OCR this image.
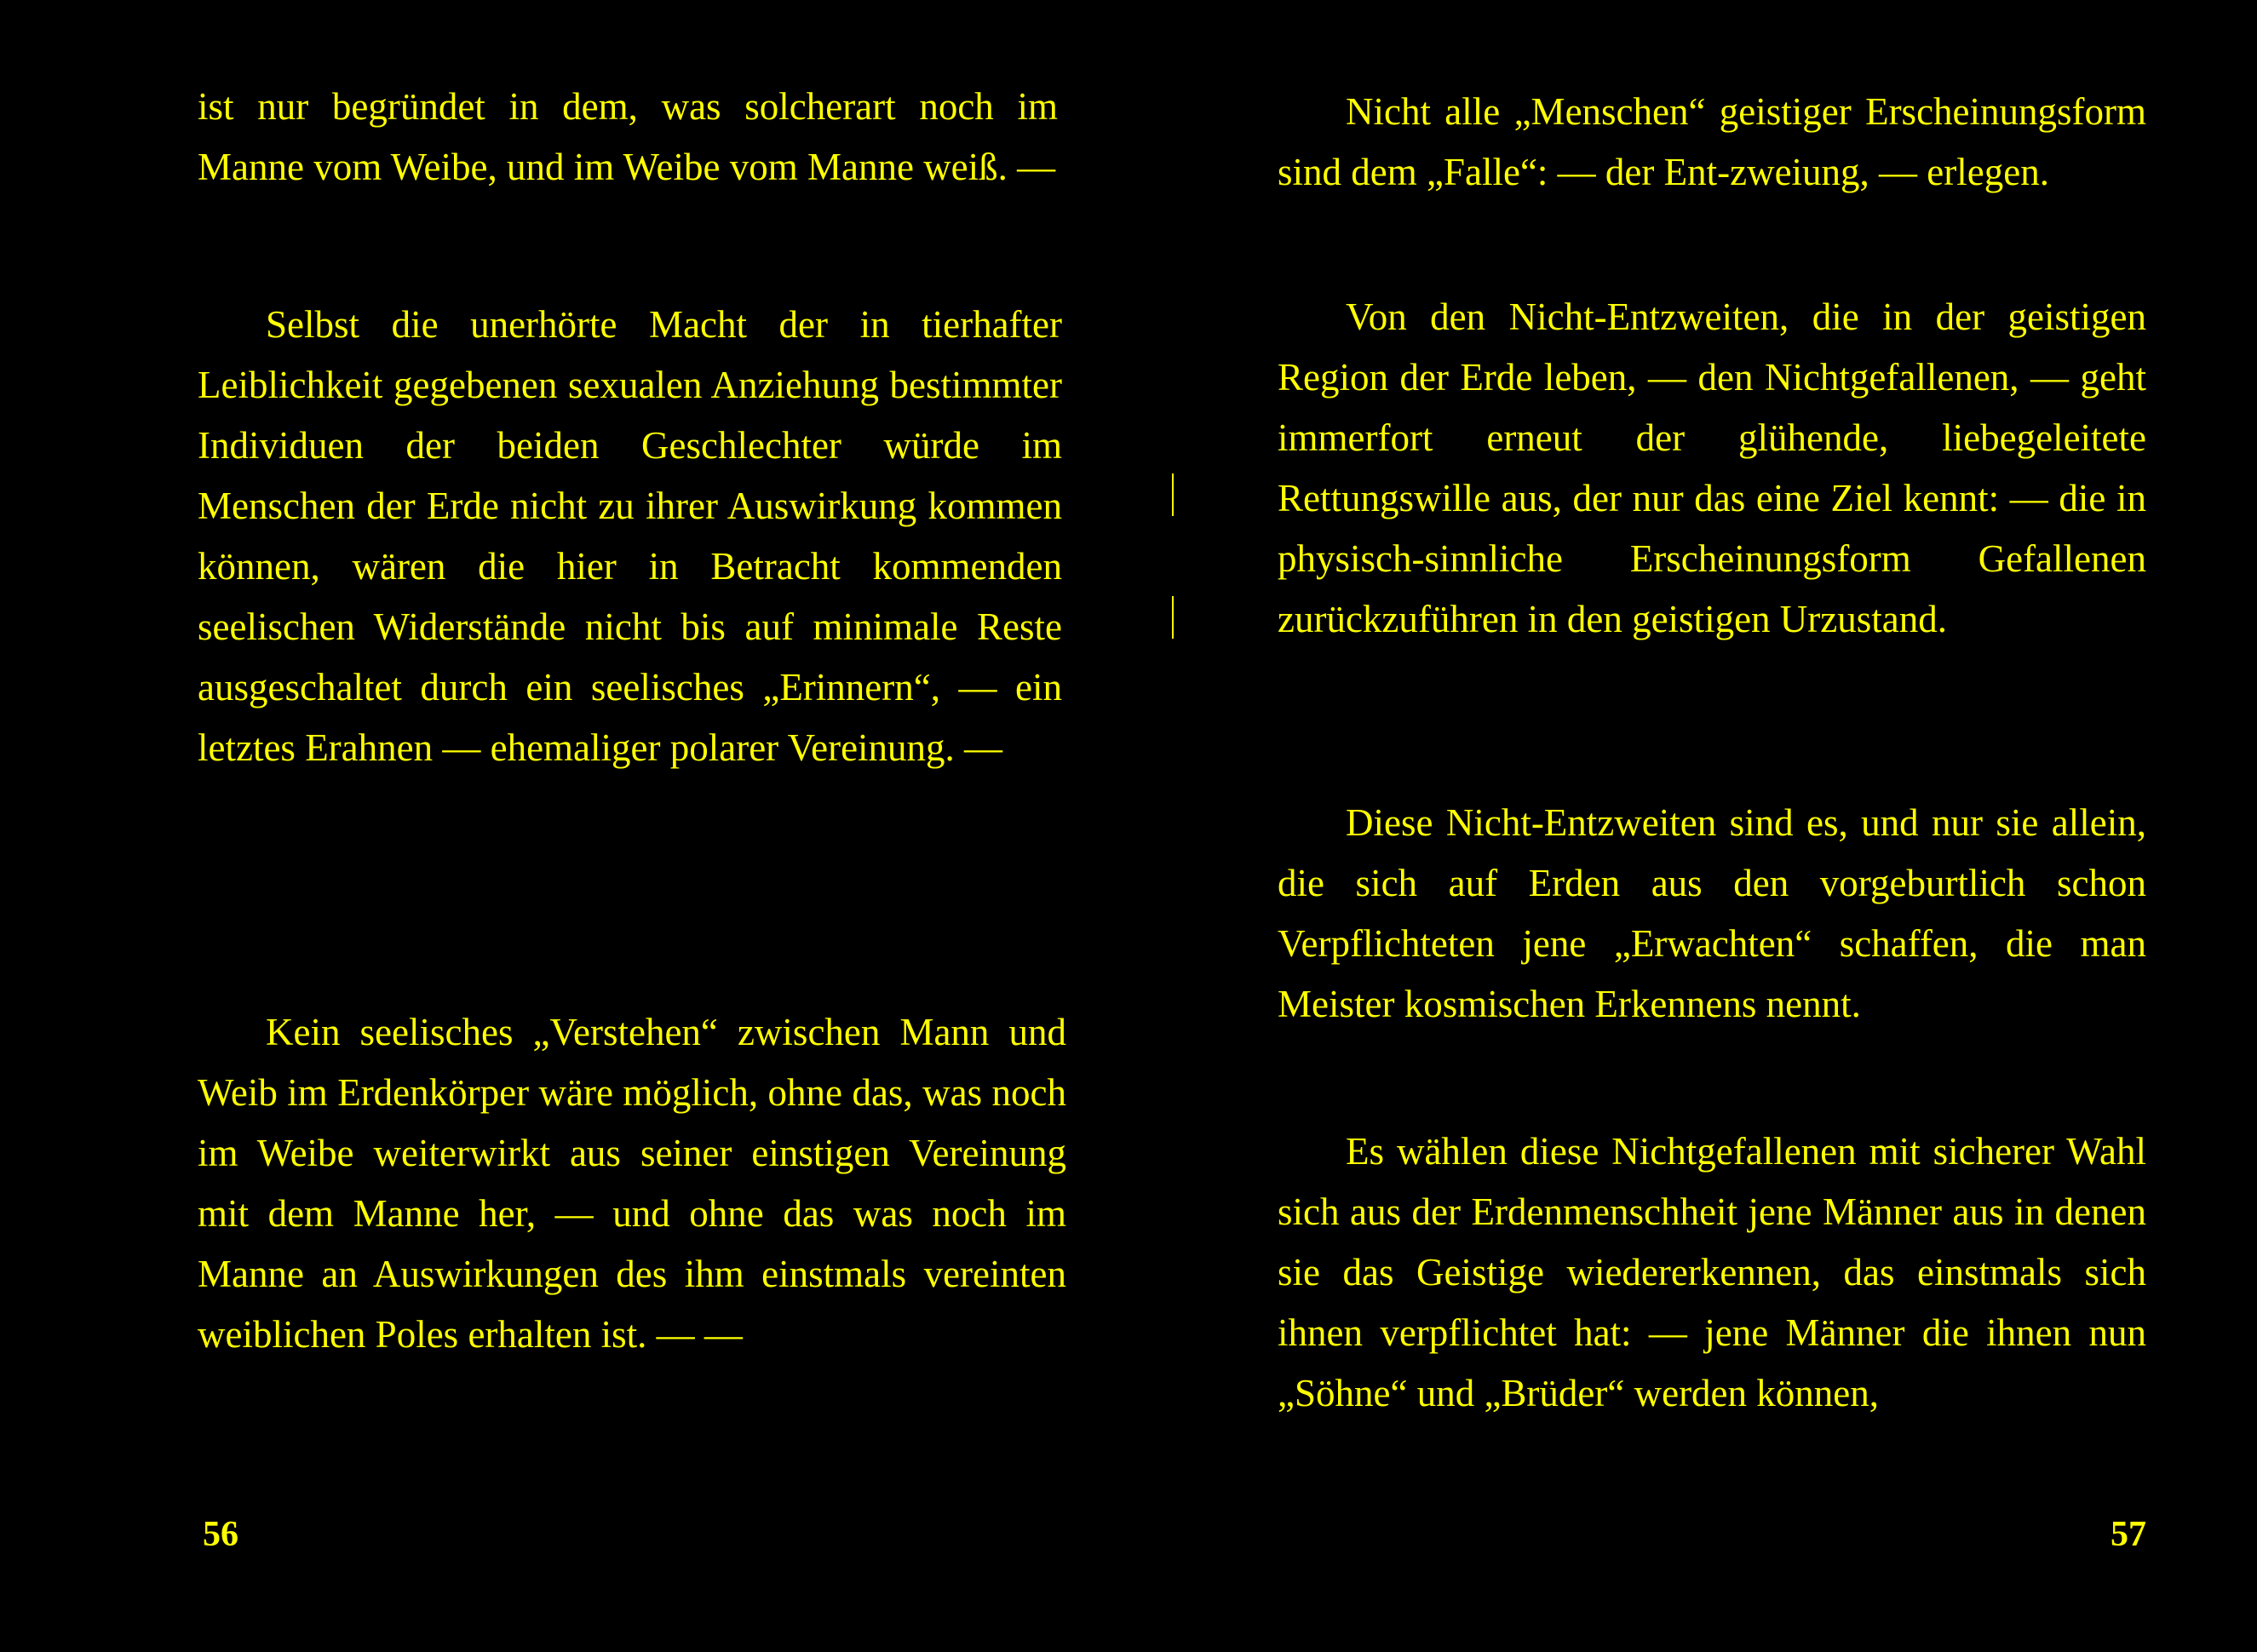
ist nur begründet in dem, was solcherart noch im Manne vom Weibe, und im Weibe vom Manne weiß. —

Selbst die unerhörte Macht der in tierhafter Leiblichkeit gegebenen sexualen Anziehung bestimmter Individuen der beiden Geschlechter würde im Menschen der Erde nicht zu ihrer Auswirkung kommen können, wären die hier in Betracht kommenden seelischen Widerstände nicht bis auf minimale Reste ausgeschaltet durch ein seelisches „Erinnern“, — ein letztes Erahnen — ehemaliger polarer Vereinung. —

Kein seelisches „Verstehen“ zwischen Mann und Weib im Erdenkörper wäre möglich, ohne das, was noch im Weibe weiterwirkt aus seiner einstigen Vereinung mit dem Manne her, — und ohne das was noch im Manne an Auswirkungen des ihm einstmals vereinten weiblichen Poles erhalten ist. — —

56

Nicht alle „Menschen“ geistiger Erscheinungsform sind dem „Falle“: — der Ent-zweiung, — erlegen.

Von den Nicht-Entzweiten, die in der geistigen Region der Erde leben, — den Nichtgefallenen, — geht immerfort erneut der glühende, liebegeleitete Rettungswille aus, der nur das eine Ziel kennt: — die in physisch-sinnliche Erscheinungsform Gefallenen zurückzuführen in den geistigen Urzustand.

Diese Nicht-Entzweiten sind es, und nur sie allein, die sich auf Erden aus den vorgeburtlich schon Verpflichteten jene „Erwachten“ schaffen, die man Meister kosmischen Erkennens nennt.

Es wählen diese Nichtgefallenen mit sicherer Wahl sich aus der Erdenmenschheit jene Männer aus in denen sie das Geistige wiedererkennen, das einstmals sich ihnen verpflichtet hat: — jene Männer die ihnen nun „Söhne“ und „Brüder“ werden können,

57
